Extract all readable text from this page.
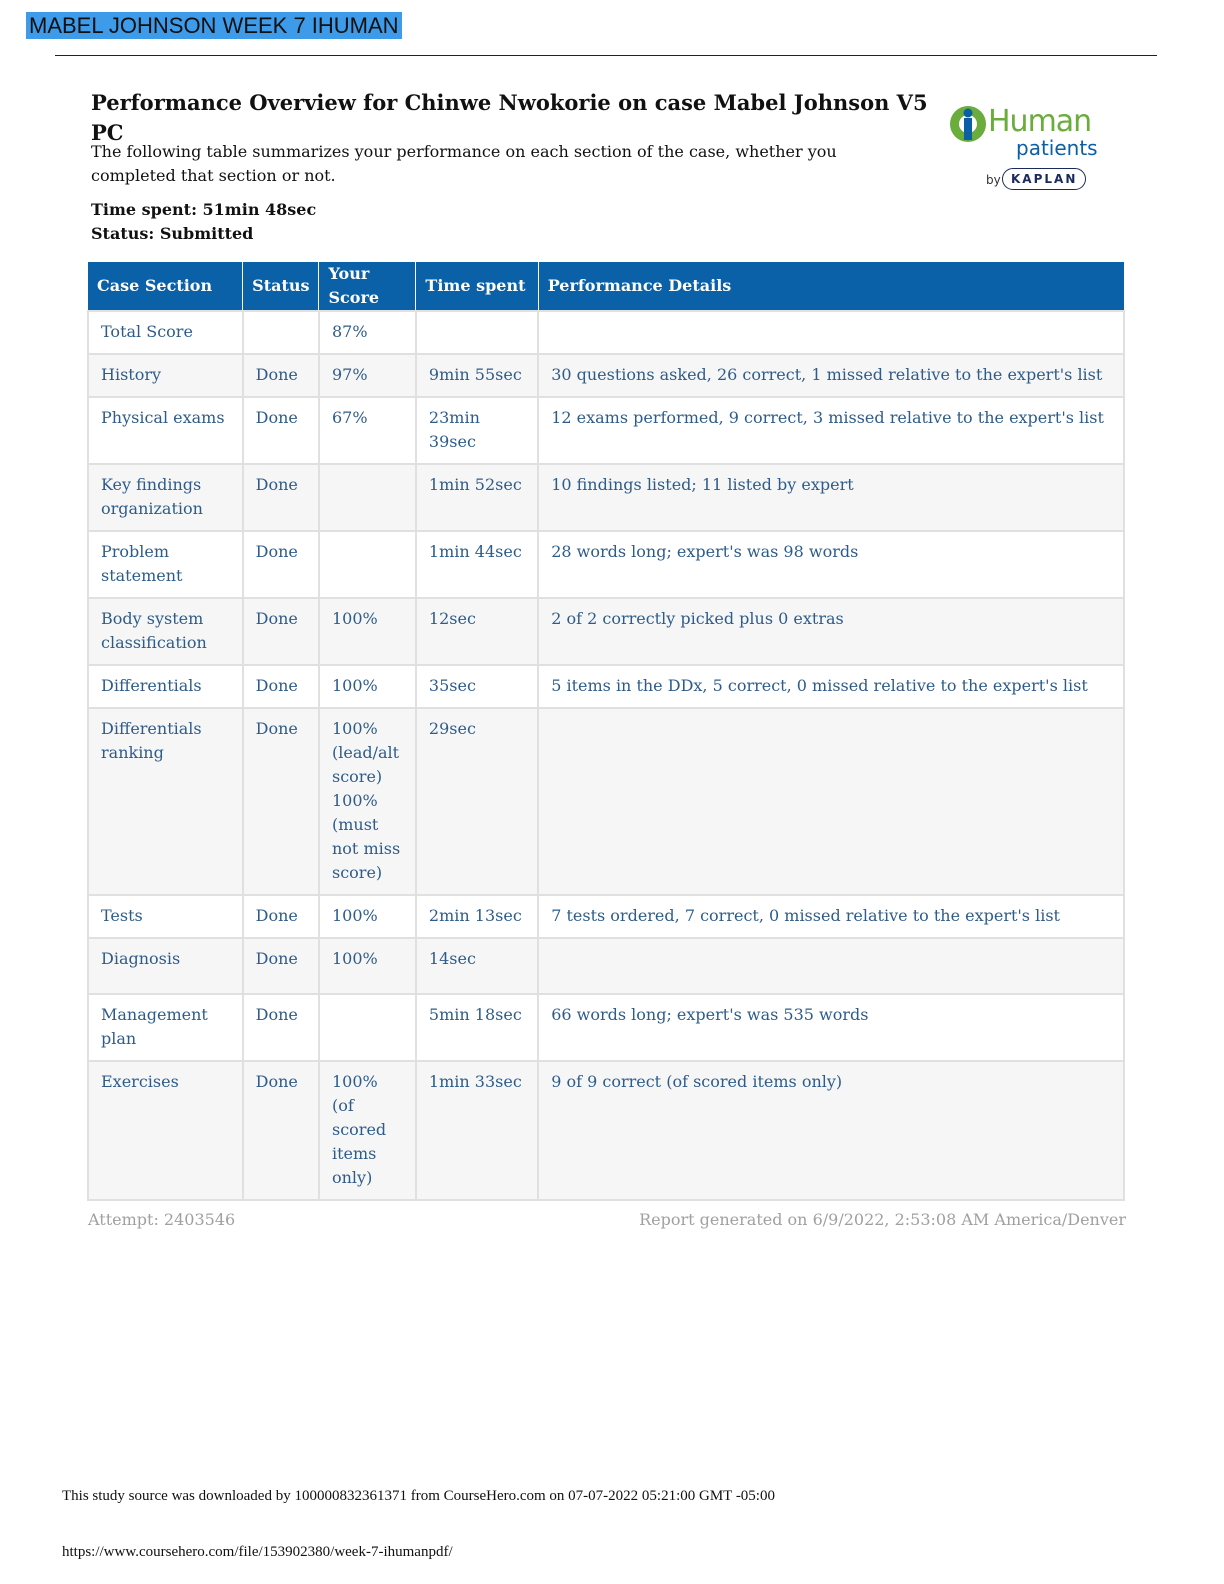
MABEL JOHNSON WEEK 7 IHUMAN
Performance Overview for Chinwe Nwokorie on case Mabel Johnson V5 PC	Human
patients
by KAPLAN
The following table summarizes your performance on each section of the case, whether you completed that section or not.
Time spent: 51min 48sec
Status: Submitted
Case Section	Status	Your Score	Time spent	Performance Details
Total Score		87%		
History	Done	97%	9min 55sec	30 questions asked, 26 correct, 1 missed relative to the expert's list
Physical exams	Done	67%	23min 39sec	12 exams performed, 9 correct, 3 missed relative to the expert's list
Key findings organization	Done		1min 52sec	10 findings listed; 11 listed by expert
Problem statement	Done		1min 44sec	28 words long; expert's was 98 words
Body system classification	Done	100%	12sec	2 of 2 correctly picked plus 0 extras
Differentials	Done	100%	35sec	5 items in the DDx, 5 correct, 0 missed relative to the expert's list
Differentials ranking	Done	100% (lead/alt score) 100% (must not miss score)	29sec	
Tests	Done	100%	2min 13sec	7 tests ordered, 7 correct, 0 missed relative to the expert's list
Diagnosis	Done	100%	14sec	
Management plan	Done		5min 18sec	66 words long; expert's was 535 words
Exercises	Done	100% (of scored items only)	1min 33sec	9 of 9 correct (of scored items only)
Attempt: 2403546	Report generated on 6/9/2022, 2:53:08 AM America/Denver
This study source was downloaded by 100000832361371 from CourseHero.com on 07-07-2022 05:21:00 GMT -05:00
https://www.coursehero.com/file/153902380/week-7-ihumanpdf/
